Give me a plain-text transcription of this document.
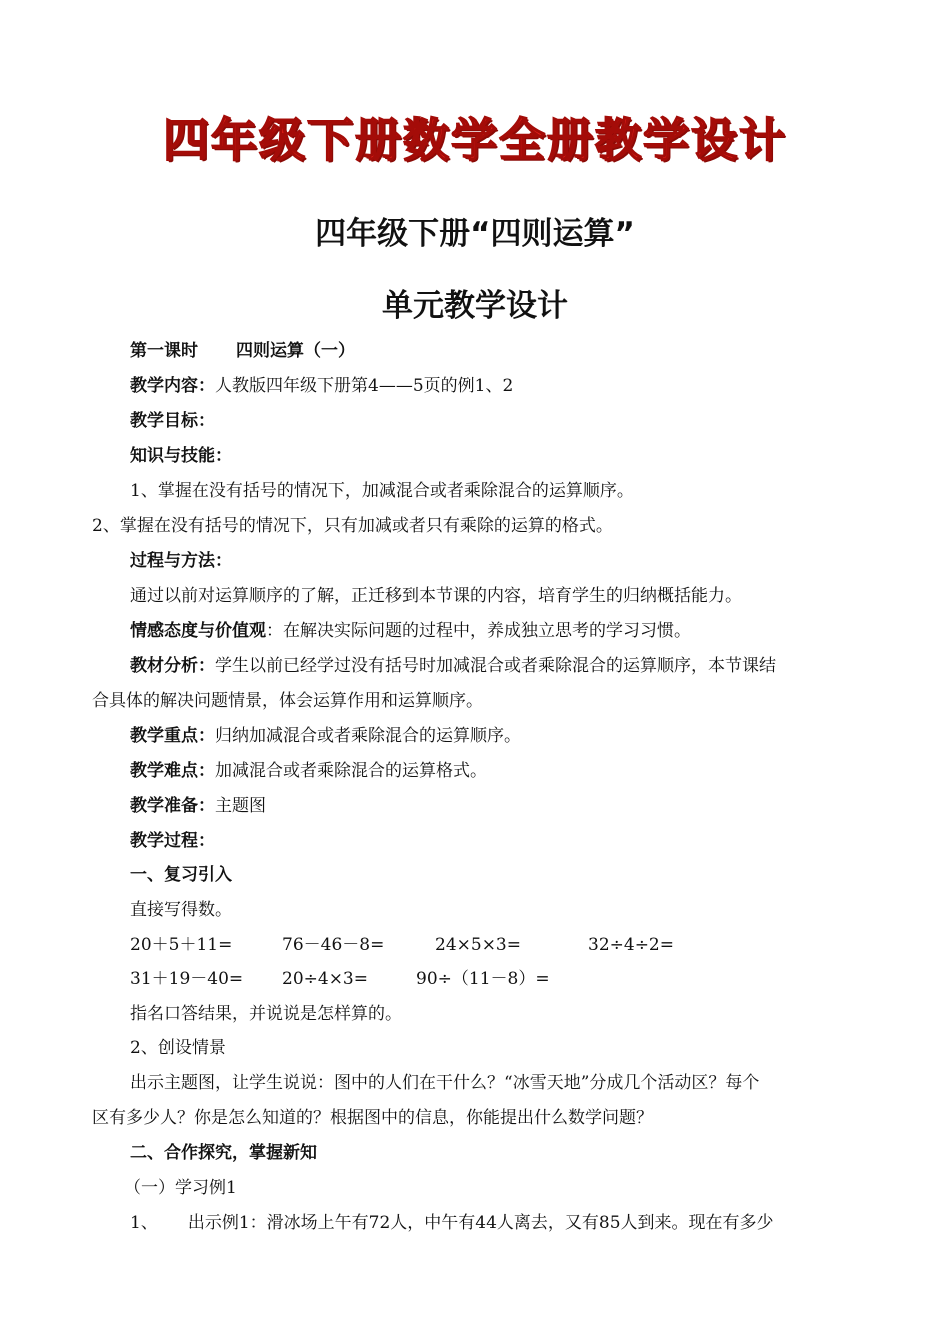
四年级下册数学全册教学设计
四年级下册“四则运算”
单元教学设计
第一课时 四则运算（一）
教学内容：人教版四年级下册第4——5页的例1、2
教学目标：
知识与技能：
1、掌握在没有括号的情况下，加减混合或者乘除混合的运算顺序。
2、掌握在没有括号的情况下，只有加减或者只有乘除的运算的格式。
过程与方法：
通过以前对运算顺序的了解，正迁移到本节课的内容，培育学生的归纳概括能力。
情感态度与价值观：在解决实际问题的过程中，养成独立思考的学习习惯。
教材分析：学生以前已经学过没有括号时加减混合或者乘除混合的运算顺序，本节课结
合具体的解决问题情景，体会运算作用和运算顺序。
教学重点：归纳加减混合或者乘除混合的运算顺序。
教学难点：加减混合或者乘除混合的运算格式。
教学准备：主题图
教学过程：
一、复习引入
直接写得数。
20＋5＋11=	76－46－8=	24×5×3=	32÷4÷2=
31＋19－40= 20÷4×3=	90÷（11－8）=
指名口答结果，并说说是怎样算的。
2、创设情景
出示主题图，让学生说说：图中的人们在干什么？“冰雪天地”分成几个活动区？每个
区有多少人？你是怎么知道的？根据图中的信息，你能提出什么数学问题？
二、合作探究，掌握新知
（一）学习例1
1、 出示例1：滑冰场上午有72人，中午有44人离去，又有85人到来。现在有多少
